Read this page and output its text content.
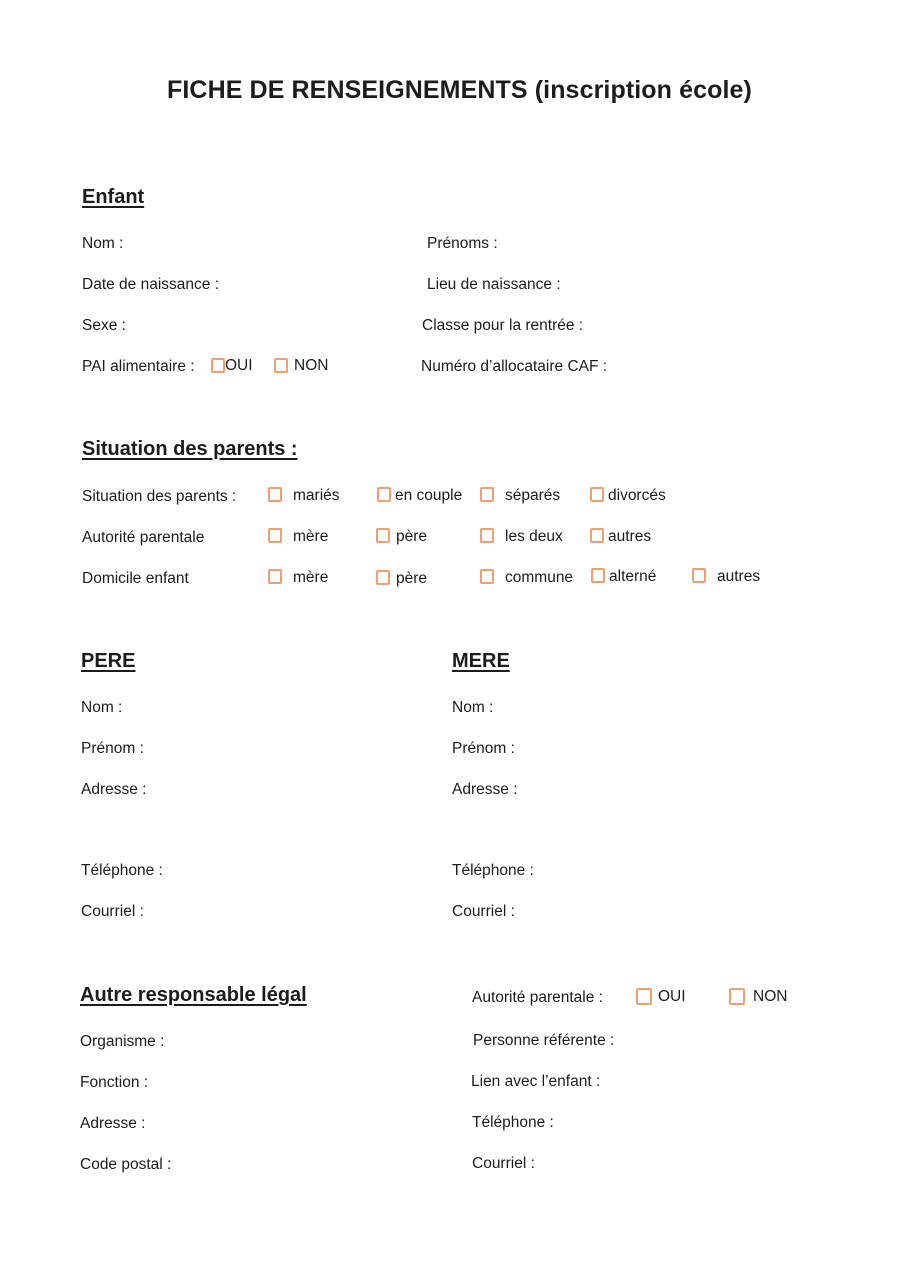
FICHE DE RENSEIGNEMENTS (inscription école)
Enfant
Nom :	Prénoms :
Date de naissance :	Lieu de naissance :
Sexe :	Classe pour la rentrée :
PAI alimentaire :	OUI	NON	Numéro d’allocataire CAF :
Situation des parents :
Situation des parents :	mariés	en couple	séparés	divorcés
Autorité parentale	mère	père	les deux	autres
Domicile enfant	mère	père	commune	alterné	autres
PERE
Nom :
Prénom :
Adresse :
Téléphone :
Courriel :
MERE
Nom :
Prénom :
Adresse :
Téléphone :
Courriel :
Autre responsable légal	Autorité parentale :	OUI	NON
Organisme :	Personne référente :
Fonction :	Lien avec l’enfant :
Adresse :	Téléphone :
Code postal :	Courriel :
